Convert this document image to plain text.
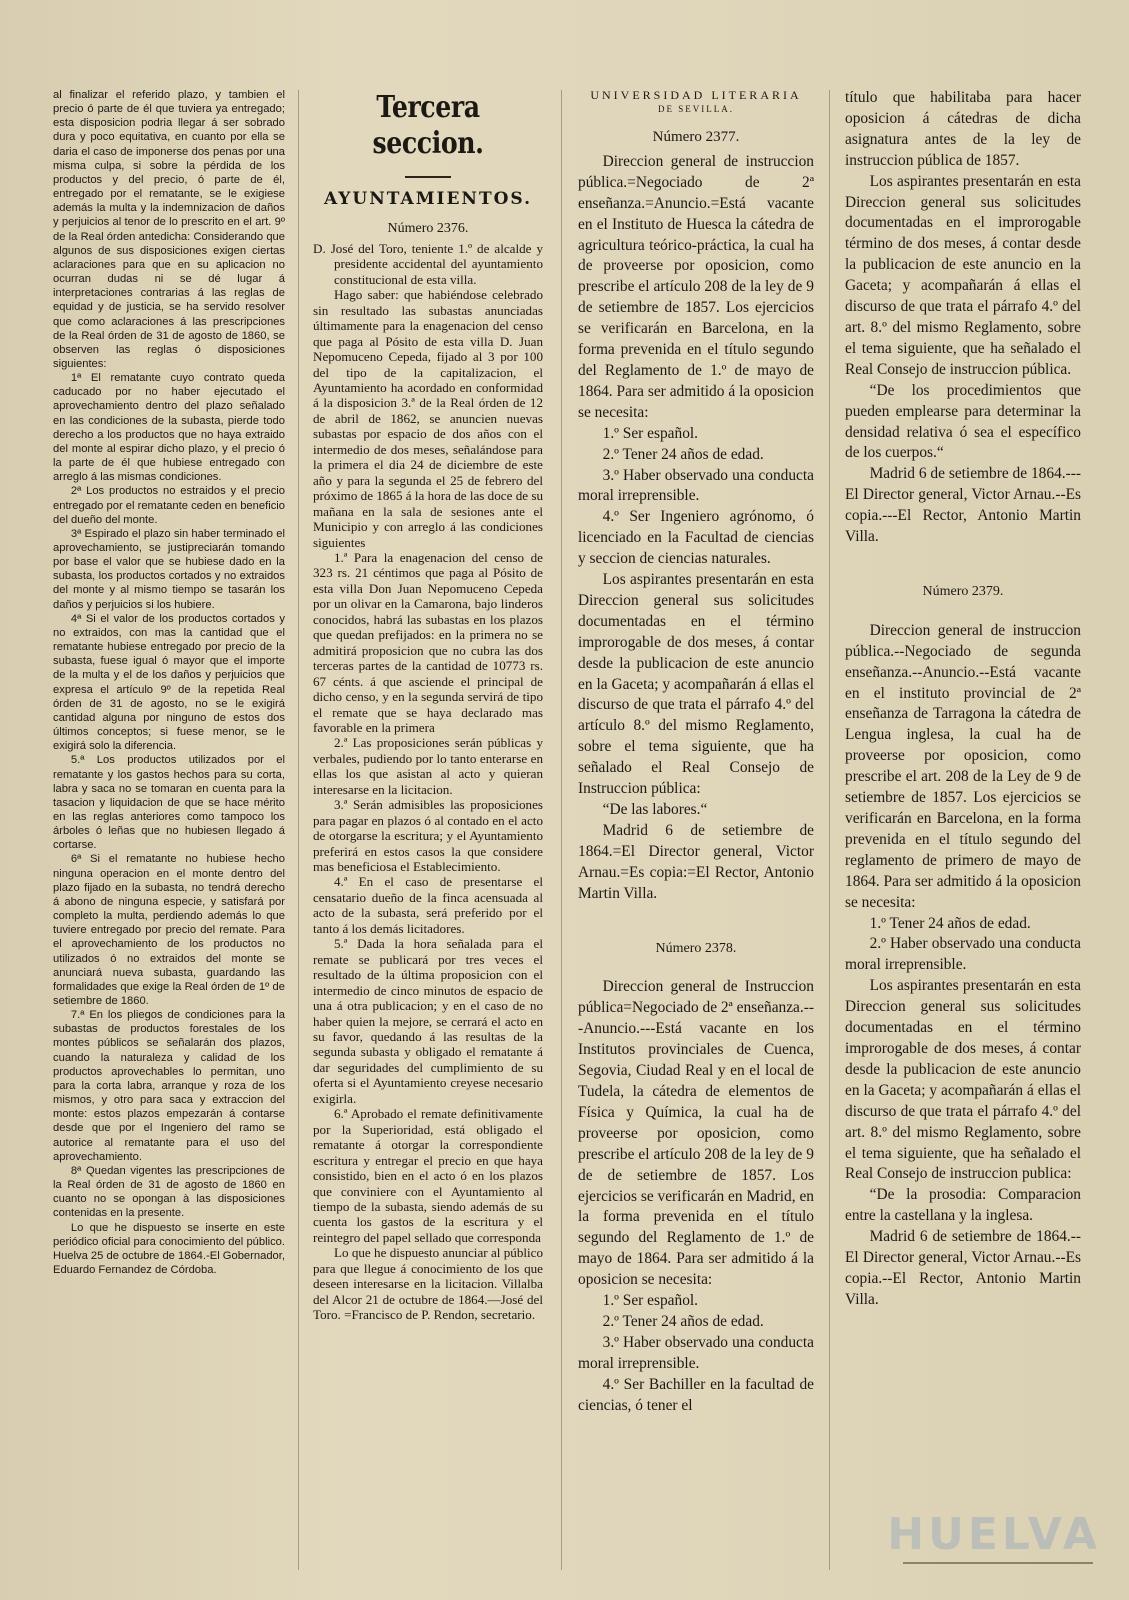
al finalizar el referido plazo, y tambien el precio ó parte de él que tuviera ya entregado; esta disposicion podria llegar á ser sobrado dura y poco equitativa, en cuanto por ella se daria el caso de imponerse dos penas por una misma culpa, si sobre la pérdida de los productos y del precio, ó parte de él, entregado por el rematante, se le exigiese además la multa y la indemnizacion de daños y perjuicios al tenor de lo prescrito en el art. 9º de la Real órden antedicha: Considerando que algunos de sus disposiciones exigen ciertas aclaraciones para que en su aplicacion no ocurran dudas ni se dé lugar á interpretaciones contrarias á las reglas de equidad y de justicia, se ha servido resolver que como aclaraciones á las prescripciones de la Real órden de 31 de agosto de 1860, se observen las reglas ó disposiciones siguientes:

1ª El rematante cuyo contrato queda caducado por no haber ejecutado el aprovechamiento dentro del plazo señalado en las condiciones de la subasta, pierde todo derecho a los productos que no haya extraido del monte al espirar dicho plazo, y el precio ó la parte de él que hubiese entregado con arreglo á las mismas condiciones.

2ª Los productos no estraidos y el precio entregado por el rematante ceden en beneficio del dueño del monte.

3ª Espirado el plazo sin haber terminado el aprovechamiento, se justipreciarán tomando por base el valor que se hubiese dado en la subasta, los productos cortados y no extraidos del monte y al mismo tiempo se tasarán los daños y perjuicios si los hubiere.

4ª Si el valor de los productos cortados y no extraidos, con mas la cantidad que el rematante hubiese entregado por precio de la subasta, fuese igual ó mayor que el importe de la multa y el de los daños y perjuicios que expresa el artículo 9º de la repetida Real órden de 31 de agosto, no se le exigirá cantidad alguna por ninguno de estos dos últimos conceptos; si fuese menor, se le exigirá solo la diferencia.

5.ª Los productos utilizados por el rematante y los gastos hechos para su corta, labra y saca no se tomaran en cuenta para la tasacion y liquidacion de que se hace mérito en las reglas anteriores como tampoco los árboles ó leñas que no hubiesen llegado á cortarse.

6ª Si el rematante no hubiese hecho ninguna operacion en el monte dentro del plazo fijado en la subasta, no tendrá derecho á abono de ninguna especie, y satisfará por completo la multa, perdiendo además lo que tuviere entregado por precio del remate. Para el aprovechamiento de los productos no utilizados ó no extraidos del monte se anunciará nueva subasta, guardando las formalidades que exige la Real órden de 1º de setiembre de 1860.

7.ª En los pliegos de condiciones para la subastas de productos forestales de los montes públicos se señalarán dos plazos, cuando la naturaleza y calidad de los productos aprovechables lo permitan, uno para la corta labra, arranque y roza de los mismos, y otro para saca y extraccion del monte: estos plazos empezarán á contarse desde que por el Ingeniero del ramo se autorice al rematante para el uso del aprovechamiento.

8ª Quedan vigentes las prescripciones de la Real órden de 31 de agosto de 1860 en cuanto no se opongan à las disposiciones contenidas en la presente.

Lo que he dispuesto se inserte en este periódico oficial para conocimiento del público. Huelva 25 de octubre de 1864.-El Gobernador, Eduardo Fernandez de Córdoba.

Tercera seccion.
AYUNTAMIENTOS.
Número 2376.

D. José del Toro, teniente 1.º de alcalde y presidente accidental del ayuntamiento constitucional de esta villa.

Hago saber: que habiéndose celebrado sin resultado las subastas anunciadas últimamente para la enagenacion del censo que paga al Pósito de esta villa D. Juan Nepomuceno Cepeda, fijado al 3 por 100 del tipo de la capitalizacion, el Ayuntamiento ha acordado en conformidad á la disposicion 3.ª de la Real órden de 12 de abril de 1862, se anuncien nuevas subastas por espacio de dos años con el intermedio de dos meses, señalándose para la primera el dia 24 de diciembre de este año y para la segunda el 25 de febrero del próximo de 1865 á la hora de las doce de su mañana en la sala de sesiones ante el Municipio y con arreglo á las condiciones siguientes

1.ª Para la enagenacion del censo de 323 rs. 21 céntimos que paga al Pósito de esta villa Don Juan Nepomuceno Cepeda por un olivar en la Camarona, bajo linderos conocidos, habrá las subastas en los plazos que quedan prefijados: en la primera no se admitirá proposicion que no cubra las dos terceras partes de la cantidad de 10773 rs. 67 cénts. á que asciende el principal de dicho censo, y en la segunda servirá de tipo el remate que se haya declarado mas favorable en la primera

2.ª Las proposiciones serán públicas y verbales, pudiendo por lo tanto enterarse en ellas los que asistan al acto y quieran interesarse en la licitacion.

3.ª Serán admisibles las proposiciones para pagar en plazos ó al contado en el acto de otorgarse la escritura; y el Ayuntamiento preferirá en estos casos la que considere mas beneficiosa el Establecimiento.

4.ª En el caso de presentarse el censatario dueño de la finca acensuada al acto de la subasta, será preferido por el tanto á los demás licitadores.

5.ª Dada la hora señalada para el remate se publicará por tres veces el resultado de la última proposicion con el intermedio de cinco minutos de espacio de una á otra publicacion; y en el caso de no haber quien la mejore, se cerrará el acto en su favor, quedando á las resultas de la segunda subasta y obligado el rematante á dar seguridades del cumplimiento de su oferta si el Ayuntamiento creyese necesario exigirla.

6.ª Aprobado el remate definitivamente por la Superioridad, está obligado el rematante á otorgar la correspondiente escritura y entregar el precio en que haya consistido, bien en el acto ó en los plazos que conviniere con el Ayuntamiento al tiempo de la subasta, siendo además de su cuenta los gastos de la escritura y el reintegro del papel sellado que corresponda

Lo que he dispuesto anunciar al público para que llegue á conocimiento de los que deseen interesarse en la licitacion. Villalba del Alcor 21 de octubre de 1864.—José del Toro. =Francisco de P. Rendon, secretario.

UNIVERSIDAD LITERARIA
DE SEVILLA.
Número 2377.

Direccion general de instruccion pública.=Negociado de 2ª enseñanza.=Anuncio.=Está vacante en el Instituto de Huesca la cátedra de agricultura teórico-práctica, la cual ha de proveerse por oposicion, como prescribe el artículo 208 de la ley de 9 de setiembre de 1857. Los ejercicios se verificarán en Barcelona, en la forma prevenida en el título segundo del Reglamento de 1.º de mayo de 1864. Para ser admitido á la oposicion se necesita:

1.º Ser español.

2.º Tener 24 años de edad.

3.º Haber observado una conducta moral irreprensible.

4.º Ser Ingeniero agrónomo, ó licenciado en la Facultad de ciencias y seccion de ciencias naturales.

Los aspirantes presentarán en esta Direccion general sus solicitudes documentadas en el término improrogable de dos meses, á contar desde la publicacion de este anuncio en la Gaceta; y acompañarán á ellas el discurso de que trata el párrafo 4.º del artículo 8.º del mismo Reglamento, sobre el tema siguiente, que ha señalado el Real Consejo de Instruccion pública:

“De las labores.“

Madrid 6 de setiembre de 1864.=El Director general, Victor Arnau.=Es copia:=El Rector, Antonio Martin Villa.

Número 2378.

Direccion general de Instruccion pública=Negociado de 2ª enseñanza.---Anuncio.---Está vacante en los Institutos provinciales de Cuenca, Segovia, Ciudad Real y en el local de Tudela, la cátedra de elementos de Física y Química, la cual ha de proveerse por oposicion, como prescribe el artículo 208 de la ley de 9 de de setiembre de 1857. Los ejercicios se verificarán en Madrid, en la forma prevenida en el título segundo del Reglamento de 1.º de mayo de 1864. Para ser admitido á la oposicion se necesita:

1.º Ser español.

2.º Tener 24 años de edad.

3.º Haber observado una conducta moral irreprensible.

4.º Ser Bachiller en la facultad de ciencias, ó tener el

título que habilitaba para hacer oposicion á cátedras de dicha asignatura antes de la ley de instruccion pública de 1857.

Los aspirantes presentarán en esta Direccion general sus solicitudes documentadas en el improrogable término de dos meses, á contar desde la publicacion de este anuncio en la Gaceta; y acompañarán á ellas el discurso de que trata el párrafo 4.º del art. 8.º del mismo Reglamento, sobre el tema siguiente, que ha señalado el Real Consejo de instruccion pública.

“De los procedimientos que pueden emplearse para determinar la densidad relativa ó sea el específico de los cuerpos.“

Madrid 6 de setiembre de 1864.---El Director general, Victor Arnau.--Es copia.---El Rector, Antonio Martin Villa.

Número 2379.

Direccion general de instruccion pública.--Negociado de segunda enseñanza.--Anuncio.--Está vacante en el instituto provincial de 2ª enseñanza de Tarragona la cátedra de Lengua inglesa, la cual ha de proveerse por oposicion, como prescribe el art. 208 de la Ley de 9 de setiembre de 1857. Los ejercicios se verificarán en Barcelona, en la forma prevenida en el título segundo del reglamento de primero de mayo de 1864. Para ser admitido á la oposicion se necesita:

1.º Tener 24 años de edad.

2.º Haber observado una conducta moral irreprensible.

Los aspirantes presentarán en esta Direccion general sus solicitudes documentadas en el término improrogable de dos meses, á contar desde la publicacion de este anuncio en la Gaceta; y acompañarán á ellas el discurso de que trata el párrafo 4.º del art. 8.º del mismo Reglamento, sobre el tema siguiente, que ha señalado el Real Consejo de instruccion publica:

“De la prosodia: Comparacion entre la castellana y la inglesa.

Madrid 6 de setiembre de 1864.--El Director general, Victor Arnau.--Es copia.--El Rector, Antonio Martin Villa.

HUELVA
